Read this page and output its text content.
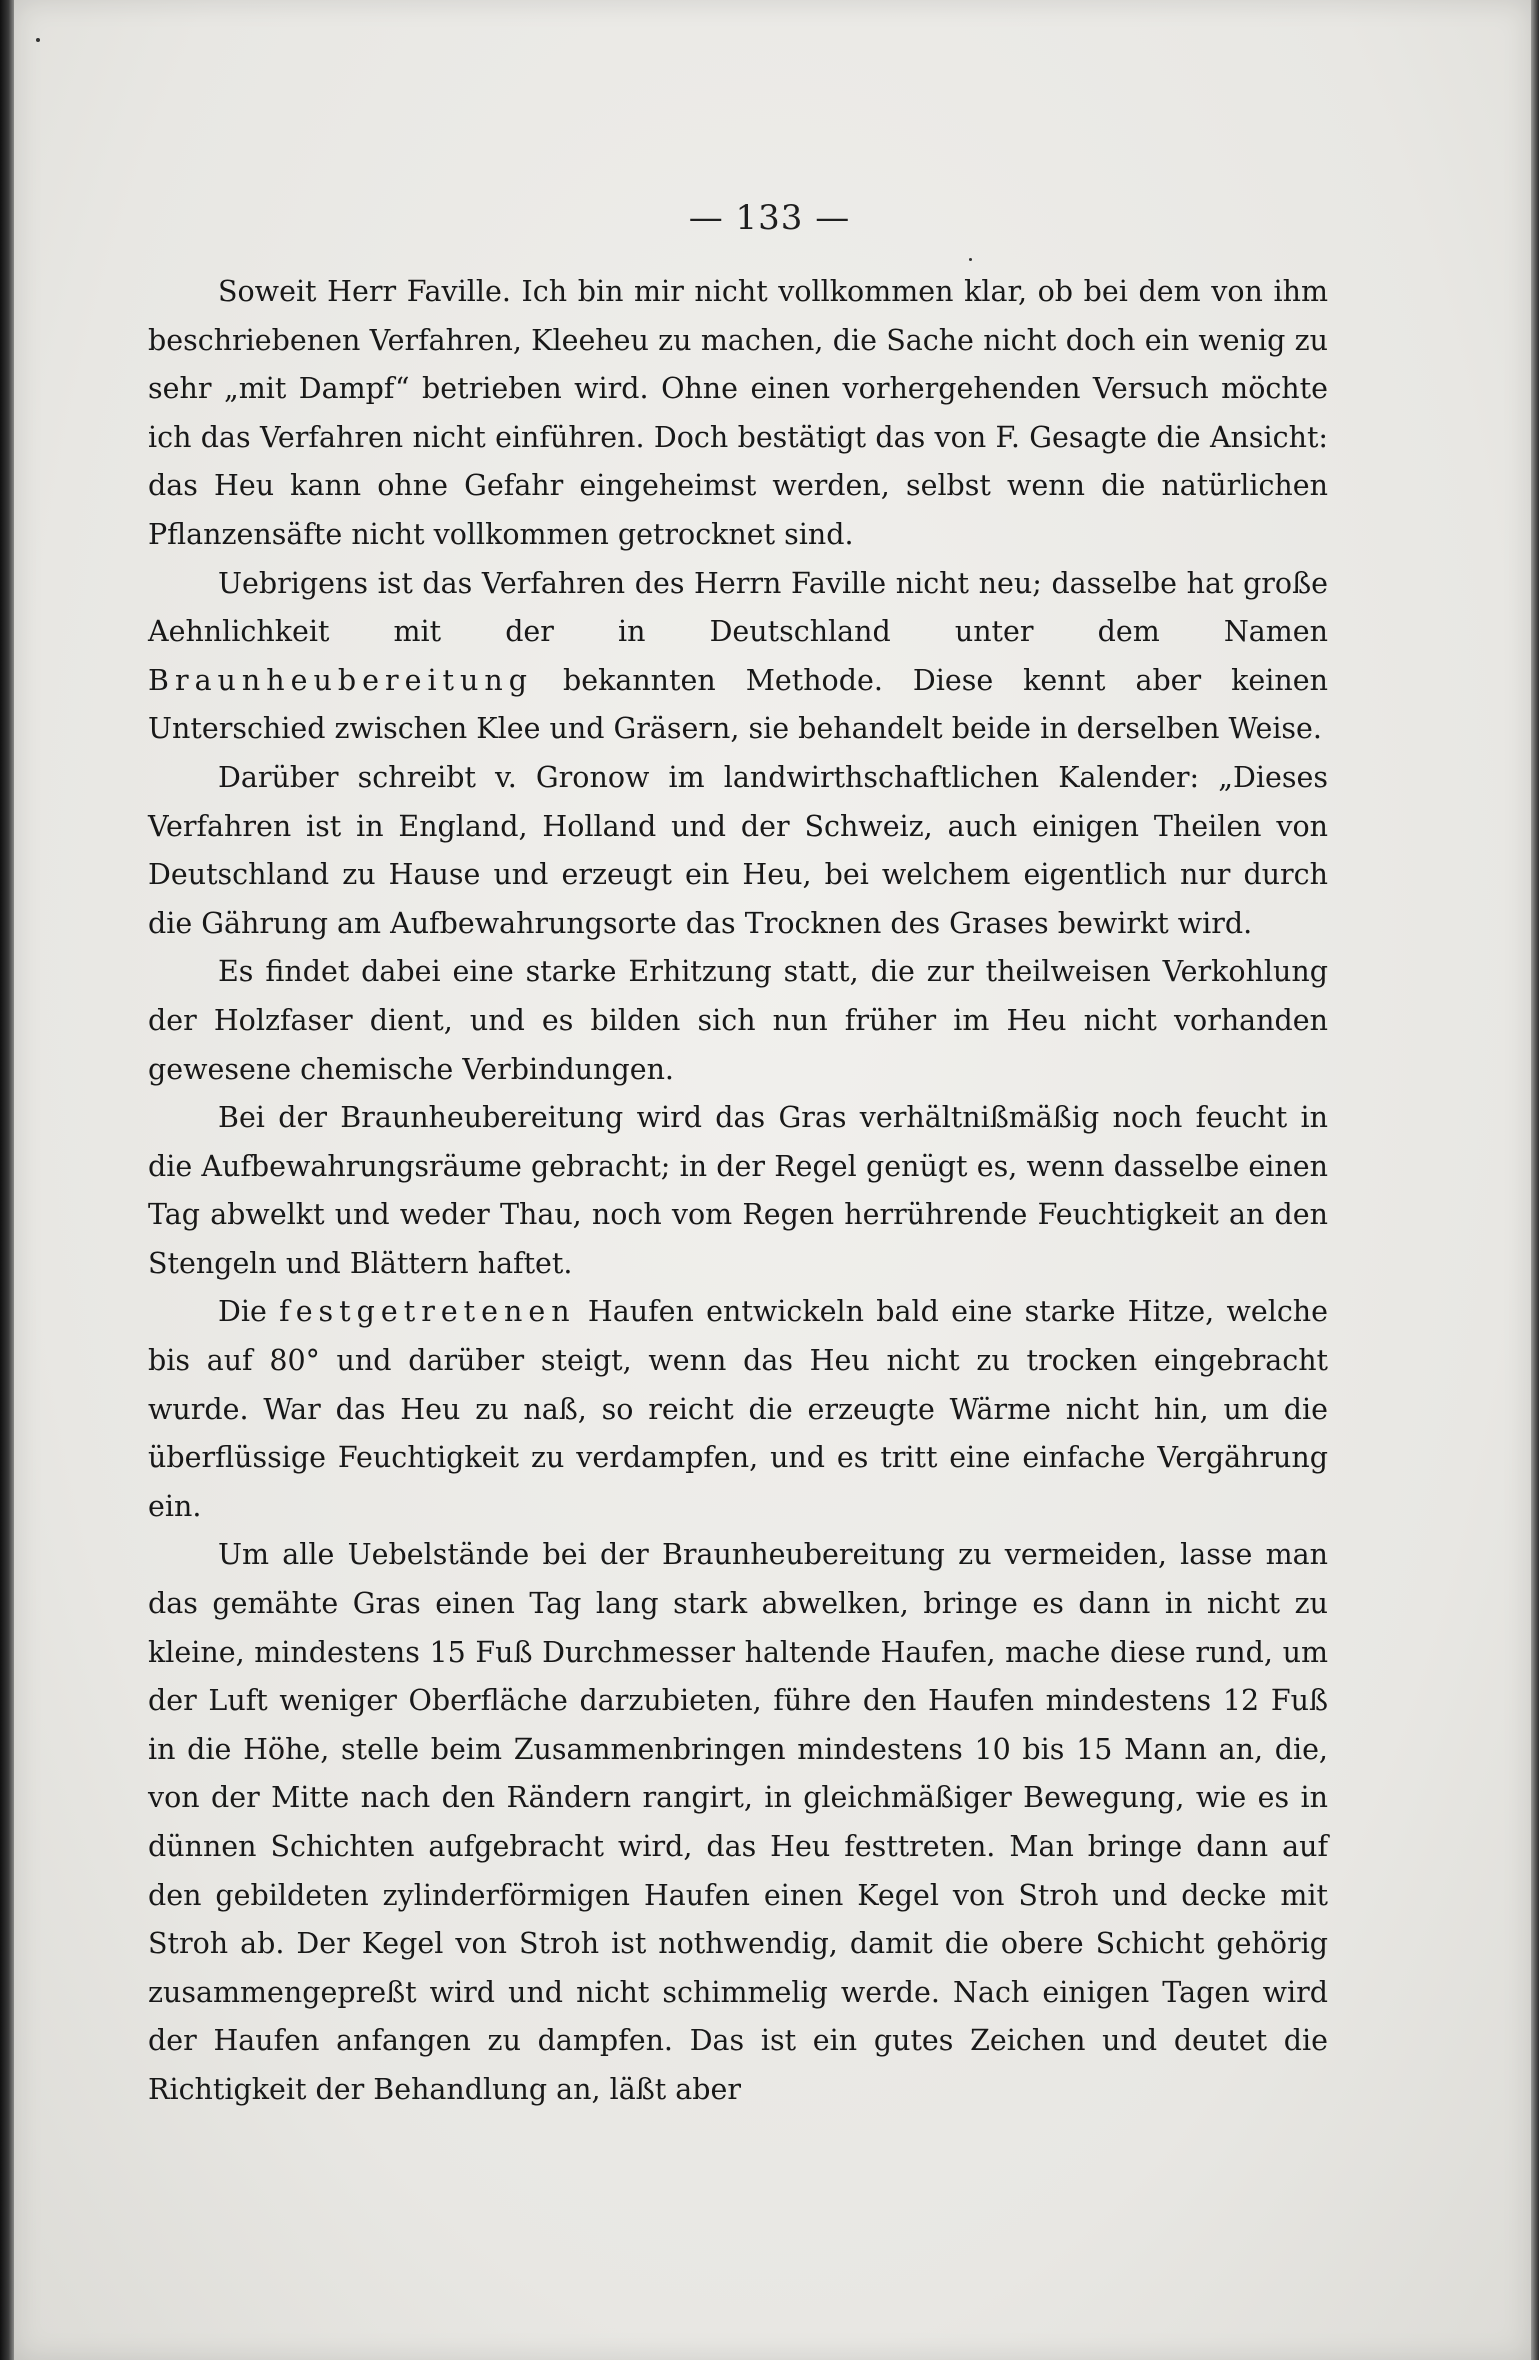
— 133 —

Soweit Herr Faville. Ich bin mir nicht vollkommen klar, ob bei dem von ihm beschriebenen Verfahren, Kleeheu zu machen, die Sache nicht doch ein wenig zu sehr „mit Dampf“ betrieben wird. Ohne einen vorhergehenden Versuch möchte ich das Verfahren nicht einführen. Doch bestätigt das von F. Gesagte die Ansicht: das Heu kann ohne Gefahr eingeheimst werden, selbst wenn die natürlichen Pflanzensäfte nicht vollkommen getrocknet sind.

Uebrigens ist das Verfahren des Herrn Faville nicht neu; dasselbe hat große Aehnlichkeit mit der in Deutschland unter dem Namen Braunheubereitung bekannten Methode. Diese kennt aber keinen Unterschied zwischen Klee und Gräsern, sie behandelt beide in derselben Weise.

Darüber schreibt v. Gronow im landwirthschaftlichen Kalender: „Dieses Verfahren ist in England, Holland und der Schweiz, auch einigen Theilen von Deutschland zu Hause und erzeugt ein Heu, bei welchem eigentlich nur durch die Gährung am Aufbewahrungsorte das Trocknen des Grases bewirkt wird.

Es findet dabei eine starke Erhitzung statt, die zur theilweisen Verkohlung der Holzfaser dient, und es bilden sich nun früher im Heu nicht vorhanden gewesene chemische Verbindungen.

Bei der Braunheubereitung wird das Gras verhältnißmäßig noch feucht in die Aufbewahrungsräume gebracht; in der Regel genügt es, wenn dasselbe einen Tag abwelkt und weder Thau, noch vom Regen herrührende Feuchtigkeit an den Stengeln und Blättern haftet.

Die festgetretenen Haufen entwickeln bald eine starke Hitze, welche bis auf 80° und darüber steigt, wenn das Heu nicht zu trocken eingebracht wurde. War das Heu zu naß, so reicht die erzeugte Wärme nicht hin, um die überflüssige Feuchtigkeit zu verdampfen, und es tritt eine einfache Vergährung ein.

Um alle Uebelstände bei der Braunheubereitung zu vermeiden, lasse man das gemähte Gras einen Tag lang stark abwelken, bringe es dann in nicht zu kleine, mindestens 15 Fuß Durchmesser haltende Haufen, mache diese rund, um der Luft weniger Oberfläche darzubieten, führe den Haufen mindestens 12 Fuß in die Höhe, stelle beim Zusammenbringen mindestens 10 bis 15 Mann an, die, von der Mitte nach den Rändern rangirt, in gleichmäßiger Bewegung, wie es in dünnen Schichten aufgebracht wird, das Heu festtreten. Man bringe dann auf den gebildeten zylinderförmigen Haufen einen Kegel von Stroh und decke mit Stroh ab. Der Kegel von Stroh ist nothwendig, damit die obere Schicht gehörig zusammengepreßt wird und nicht schimmelig werde. Nach einigen Tagen wird der Haufen anfangen zu dampfen. Das ist ein gutes Zeichen und deutet die Richtigkeit der Behandlung an, läßt aber
